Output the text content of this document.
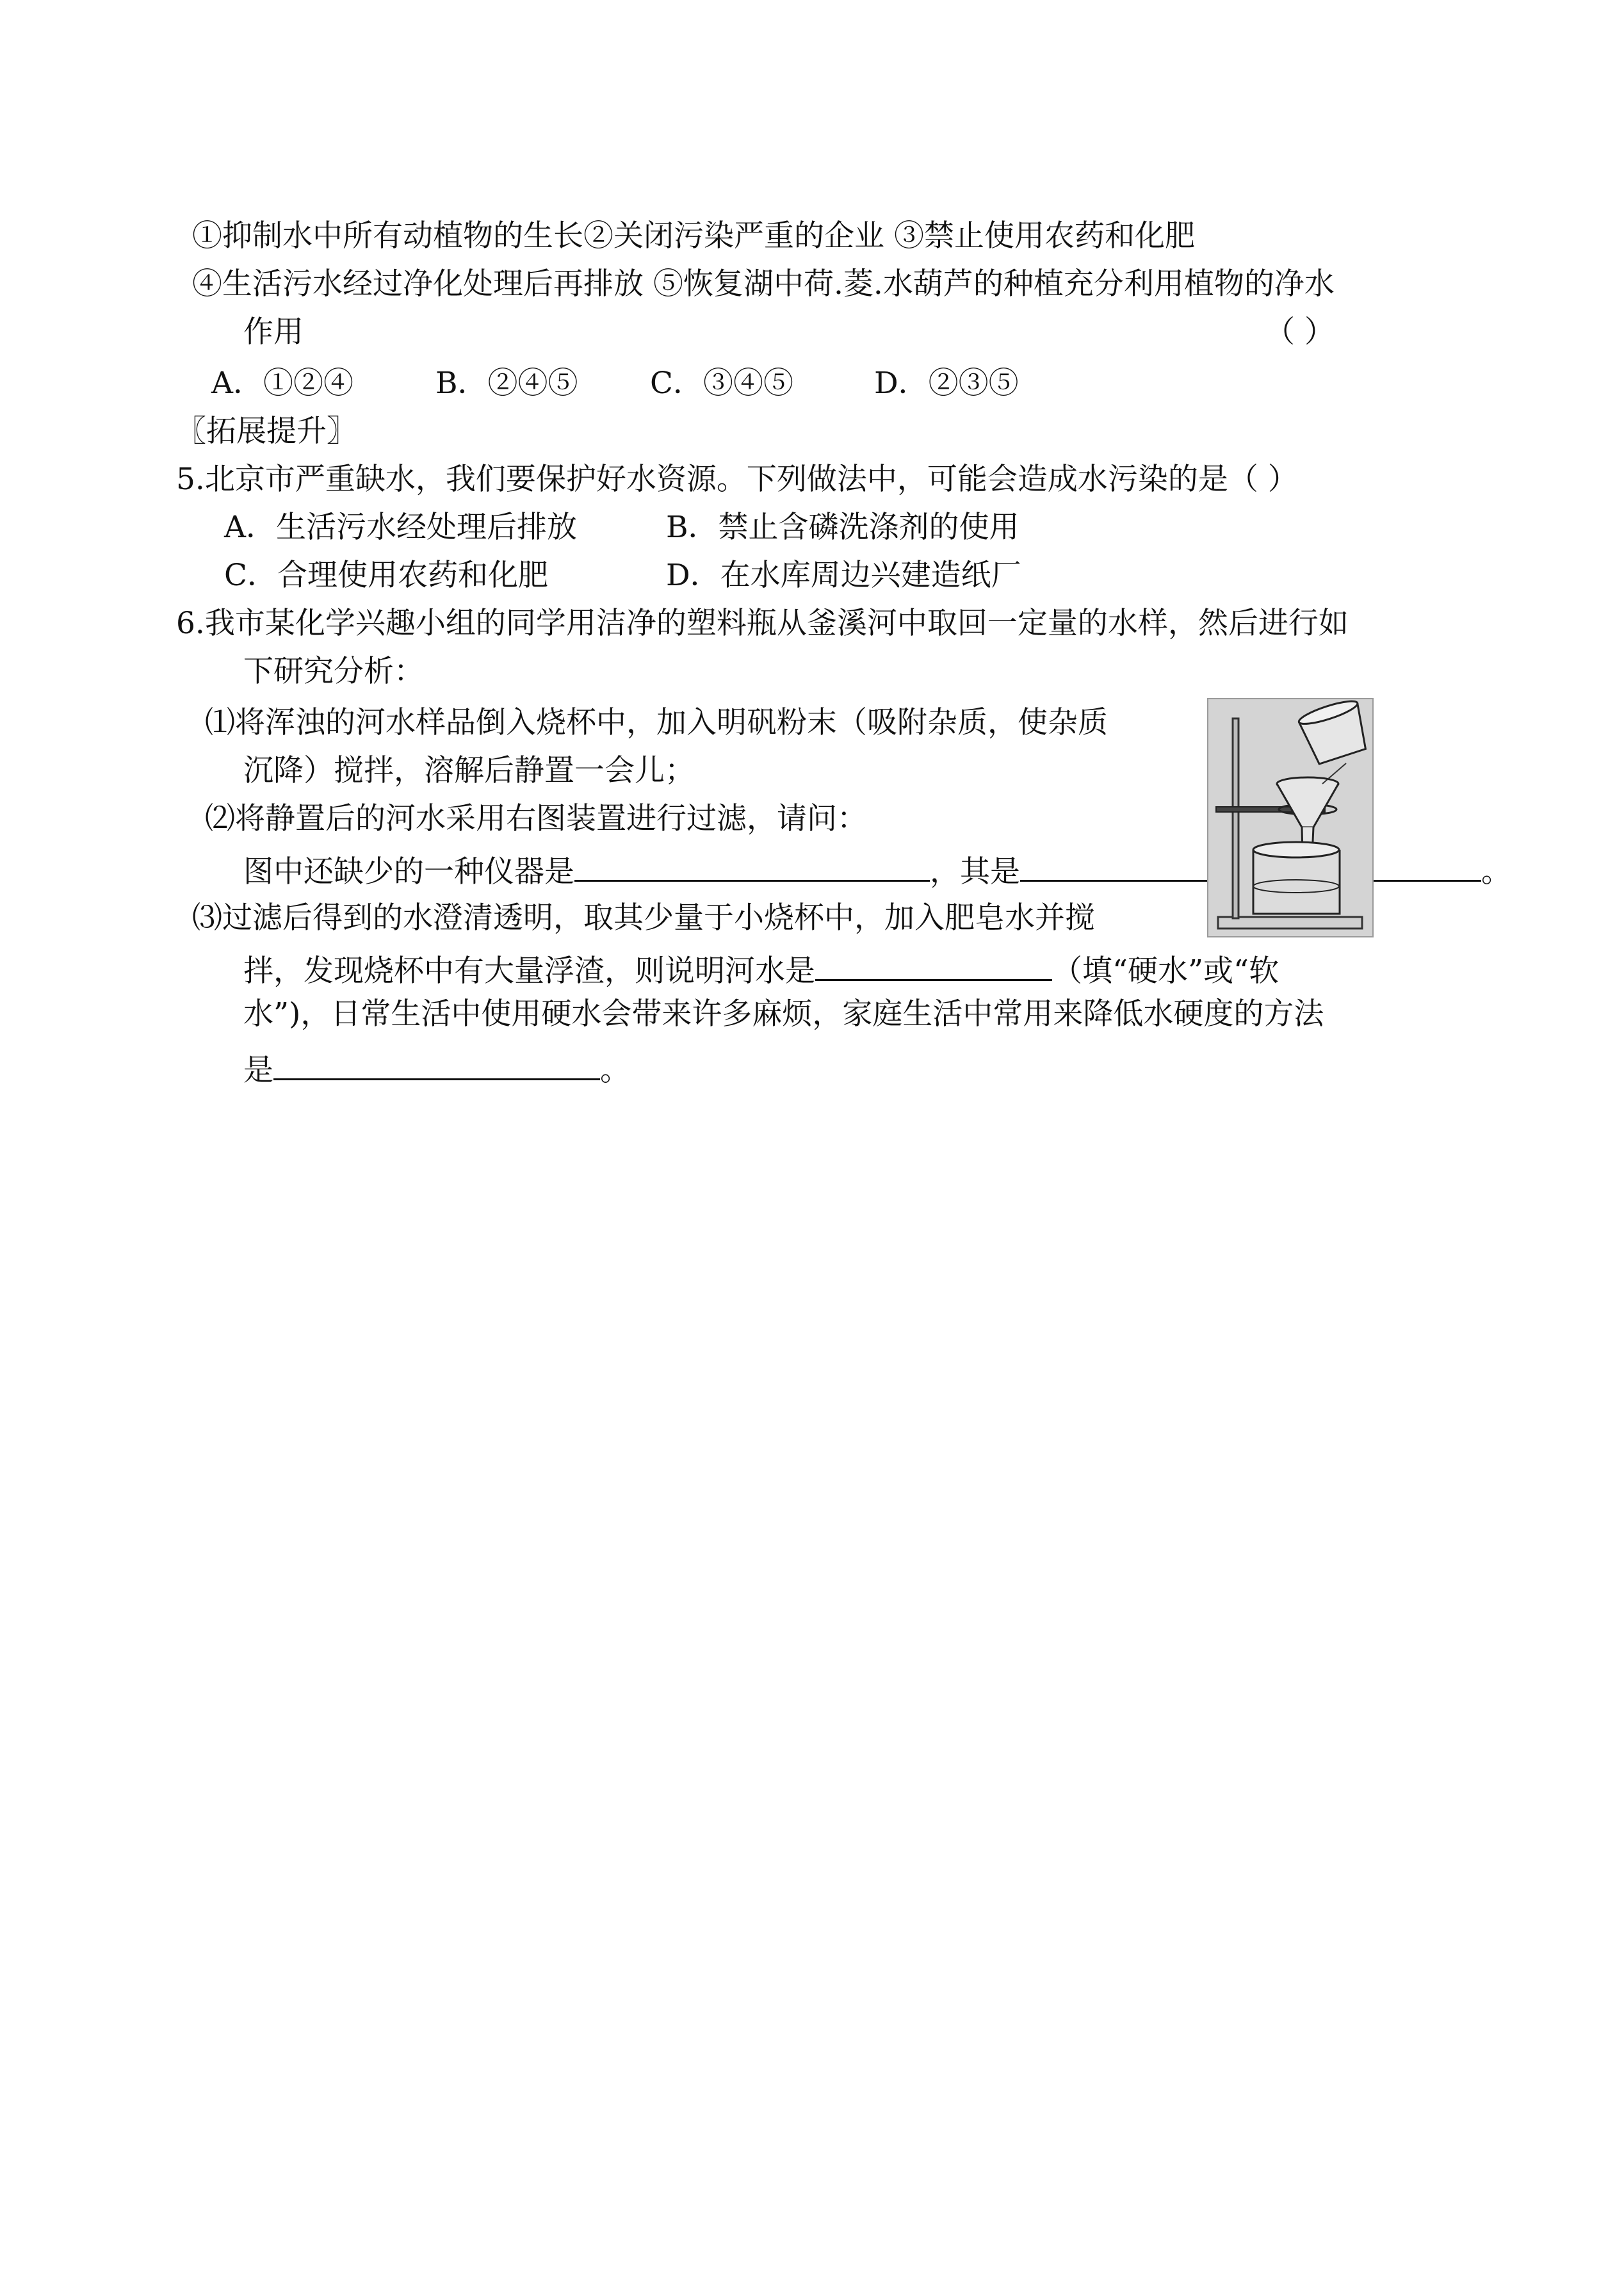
①抑制水中所有动植物的生长②关闭污染严重的企业 ③禁止使用农药和化肥
④生活污水经过净化处理后再排放 ⑤恢复湖中荷.菱.水葫芦的种植充分利用植物的净水
作用	（ ）
A．①②④	B．②④⑤ C．③④⑤	D．②③⑤
〖拓展提升〗
5.北京市严重缺水，我们要保护好水资源。下列做法中，可能会造成水污染的是（ ）
A．生活污水经处理后排放	B．禁止含磷洗涤剂的使用
C．合理使用农药和化肥	D．在水库周边兴建造纸厂
6.我市某化学兴趣小组的同学用洁净的塑料瓶从釜溪河中取回一定量的水样，然后进行如
下研究分析：
⑴将浑浊的河水样品倒入烧杯中，加入明矾粉末（吸附杂质，使杂质
沉降）搅拌，溶解后静置一会儿；
⑵将静置后的河水采用右图装置进行过滤，请问：
图中还缺少的一种仪器是	，其是	。
⑶过滤后得到的水澄清透明，取其少量于小烧杯中，加入肥皂水并搅
拌，发现烧杯中有大量浮渣，则说明河水是	（填“硬水”或“软
水”)，日常生活中使用硬水会带来许多麻烦，家庭生活中常用来降低水硬度的方法
是	。
